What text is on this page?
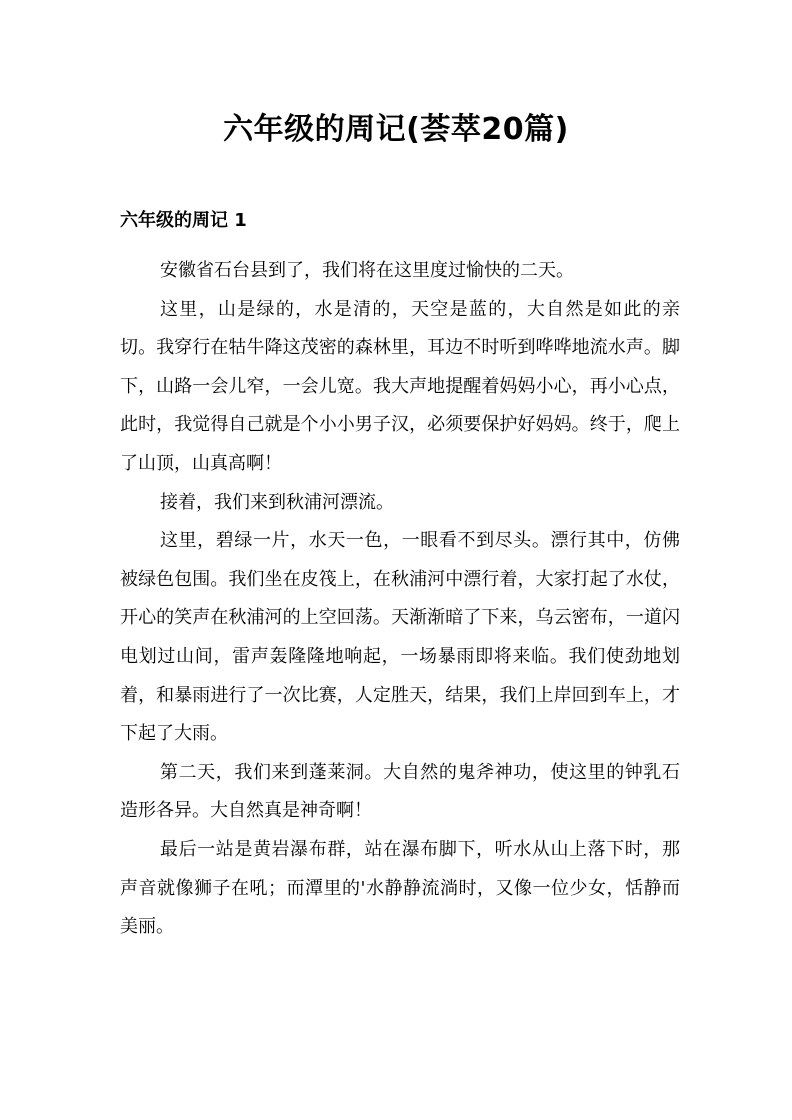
六年级的周记(荟萃20篇)
六年级的周记 1

安徽省石台县到了，我们将在这里度过愉快的二天。

这里，山是绿的，水是清的，天空是蓝的，大自然是如此的亲切。我穿行在牯牛降这茂密的森林里，耳边不时听到哗哗地流水声。脚下，山路一会儿窄，一会儿宽。我大声地提醒着妈妈小心，再小心点，此时，我觉得自己就是个小小男子汉，必须要保护好妈妈。终于，爬上了山顶，山真高啊！

接着，我们来到秋浦河漂流。

这里，碧绿一片，水天一色，一眼看不到尽头。漂行其中，仿佛被绿色包围。我们坐在皮筏上，在秋浦河中漂行着，大家打起了水仗，开心的笑声在秋浦河的上空回荡。天渐渐暗了下来，乌云密布，一道闪电划过山间，雷声轰隆隆地响起，一场暴雨即将来临。我们使劲地划着，和暴雨进行了一次比赛，人定胜天，结果，我们上岸回到车上，才下起了大雨。

第二天，我们来到蓬莱洞。大自然的鬼斧神功，使这里的钟乳石造形各异。大自然真是神奇啊！

最后一站是黄岩瀑布群，站在瀑布脚下，听水从山上落下时，那声音就像狮子在吼；而潭里的'水静静流淌时，又像一位少女，恬静而美丽。
